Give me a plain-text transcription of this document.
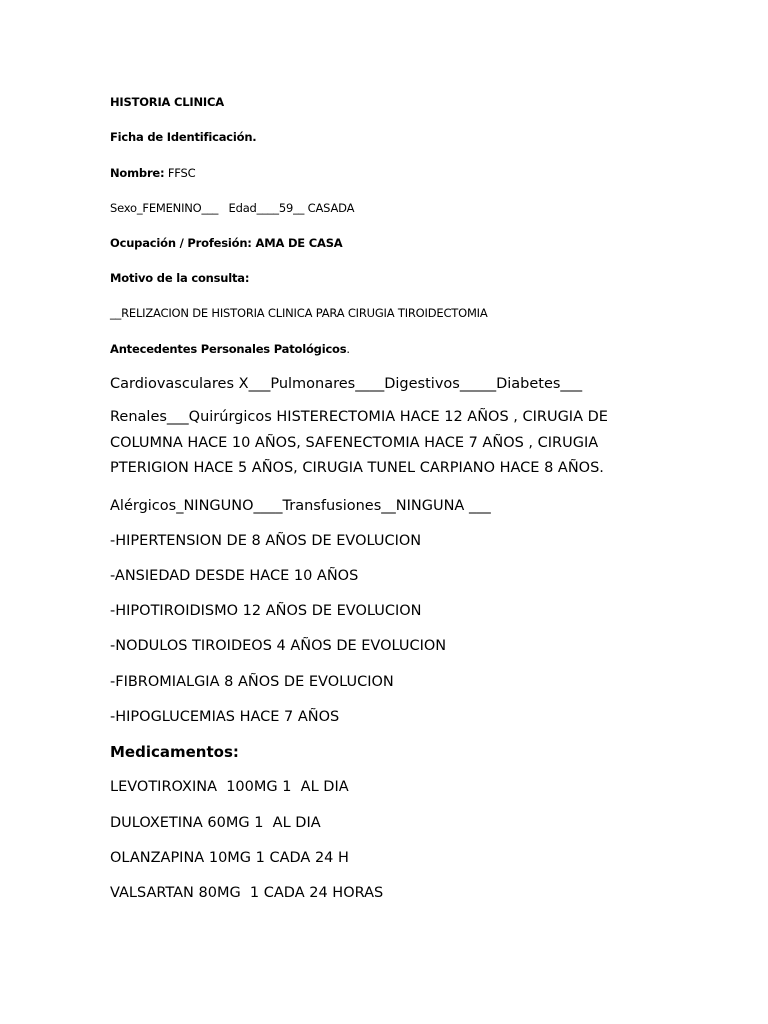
HISTORIA CLINICA
Ficha de Identificación.
Nombre: FFSC
Sexo_FEMENINO___   Edad____59__ CASADA
Ocupación / Profesión: AMA DE CASA
Motivo de la consulta:
__RELIZACION DE HISTORIA CLINICA PARA CIRUGIA TIROIDECTOMIA
Antecedentes Personales Patológicos.
Cardiovasculares X___Pulmonares____Digestivos_____Diabetes___
Renales___Quirúrgicos HISTERECTOMIA HACE 12 AÑOS , CIRUGIA DE COLUMNA HACE 10 AÑOS, SAFENECTOMIA HACE 7 AÑOS , CIRUGIA PTERIGION HACE 5 AÑOS, CIRUGIA TUNEL CARPIANO HACE 8 AÑOS.
Alérgicos_NINGUNO____Transfusiones__NINGUNA ___
-HIPERTENSION DE 8 AÑOS DE EVOLUCION
-ANSIEDAD DESDE HACE 10 AÑOS
-HIPOTIROIDISMO 12 AÑOS DE EVOLUCION
-NODULOS TIROIDEOS 4 AÑOS DE EVOLUCION
-FIBROMIALGIA 8 AÑOS DE EVOLUCION
-HIPOGLUCEMIAS HACE 7 AÑOS
Medicamentos:
LEVOTIROXINA  100MG 1  AL DIA
DULOXETINA 60MG 1  AL DIA
OLANZAPINA 10MG 1 CADA 24 H
VALSARTAN 80MG  1 CADA 24 HORAS
